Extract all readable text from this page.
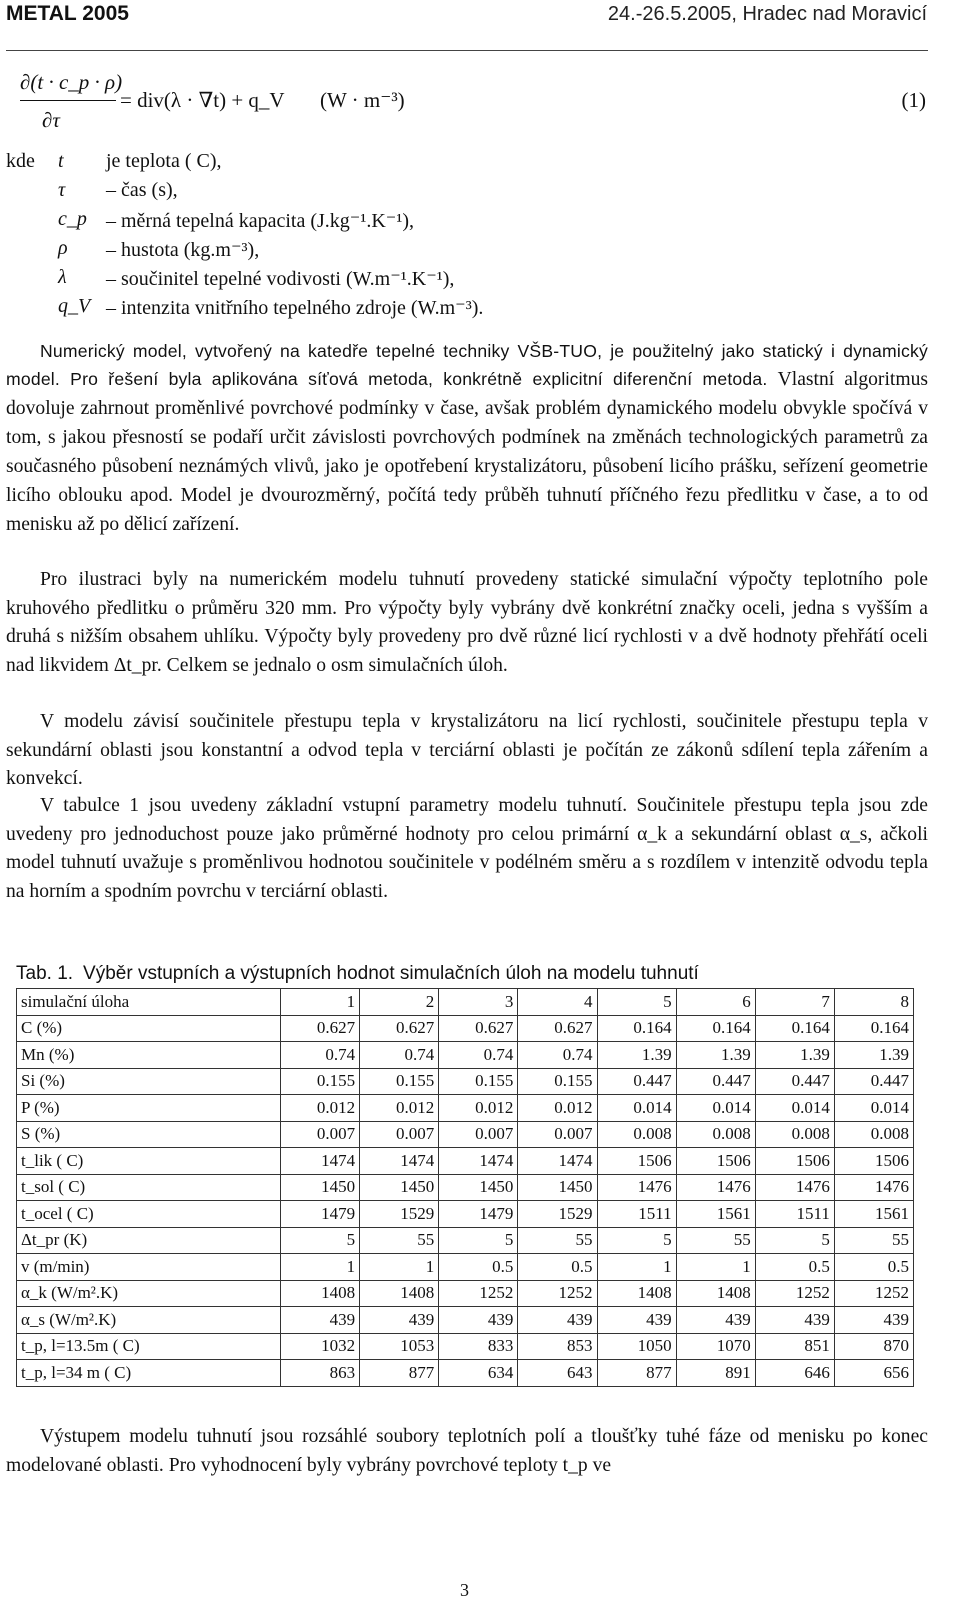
METAL 2005	24.-26.5.2005, Hradec nad Moravicí
∂(t · c_p · ρ)
∂τ
= div(λ · ∇t) + q_V (W · m⁻³)	(1)
kde t	je teplota ( C),
τ	– čas (s),
c_p – měrná tepelná kapacita (J.kg⁻¹.K⁻¹),
ρ	– hustota (kg.m⁻³),
λ	– součinitel tepelné vodivosti (W.m⁻¹.K⁻¹),
q_V – intenzita vnitřního tepelného zdroje (W.m⁻³).
Numerický model, vytvořený na katedře tepelné techniky VŠB-TUO, je použitelný jako statický i dynamický model. Pro řešení byla aplikována síťová metoda, konkrétně explicitní diferenční metoda. Vlastní algoritmus dovoluje zahrnout proměnlivé povrchové podmínky v čase, avšak problém dynamického modelu obvykle spočívá v tom, s jakou přesností se podaří určit závislosti povrchových podmínek na změnách technologických parametrů za současného působení neznámých vlivů, jako je opotřebení krystalizátoru, působení licího prášku, seřízení geometrie licího oblouku apod. Model je dvourozměrný, počítá tedy průběh tuhnutí příčného řezu předlitku v čase, a to od menisku až po dělicí zařízení.
Pro ilustraci byly na numerickém modelu tuhnutí provedeny statické simulační výpočty teplotního pole kruhového předlitku o průměru 320 mm. Pro výpočty byly vybrány dvě konkrétní značky oceli, jedna s vyšším a druhá s nižším obsahem uhlíku. Výpočty byly provedeny pro dvě různé licí rychlosti v a dvě hodnoty přehřátí oceli nad likvidem Δt_pr. Celkem se jednalo o osm simulačních úloh.
V modelu závisí součinitele přestupu tepla v krystalizátoru na licí rychlosti, součinitele přestupu tepla v sekundární oblasti jsou konstantní a odvod tepla v terciární oblasti je počítán ze zákonů sdílení tepla zářením a konvekcí.
V tabulce 1 jsou uvedeny základní vstupní parametry modelu tuhnutí. Součinitele přestupu tepla jsou zde uvedeny pro jednoduchost pouze jako průměrné hodnoty pro celou primární α_k a sekundární oblast α_s, ačkoli model tuhnutí uvažuje s proměnlivou hodnotou součinitele v podélném směru a s rozdílem v intenzitě odvodu tepla na horním a spodním povrchu v terciární oblasti.
Tab. 1. Výběr vstupních a výstupních hodnot simulačních úloh na modelu tuhnutí
simulační úloha	1	2	3	4	5	6	7	8
C (%)	0.627	0.627	0.627	0.627	0.164	0.164	0.164	0.164
Mn (%)	0.74	0.74	0.74	0.74	1.39	1.39	1.39	1.39
Si (%)	0.155	0.155	0.155	0.155	0.447	0.447	0.447	0.447
P (%)	0.012	0.012	0.012	0.012	0.014	0.014	0.014	0.014
S (%)	0.007	0.007	0.007	0.007	0.008	0.008	0.008	0.008
t_lik ( C)	1474	1474	1474	1474	1506	1506	1506	1506
t_sol ( C)	1450	1450	1450	1450	1476	1476	1476	1476
t_ocel ( C)	1479	1529	1479	1529	1511	1561	1511	1561
Δt_pr (K)	5	55	5	55	5	55	5	55
v (m/min)	1	1	0.5	0.5	1	1	0.5	0.5
α_k (W/m².K)	1408	1408	1252	1252	1408	1408	1252	1252
α_s (W/m².K)	439	439	439	439	439	439	439	439
t_p, l=13.5m ( C)	1032	1053	833	853	1050	1070	851	870
t_p, l=34 m ( C)	863	877	634	643	877	891	646	656
Výstupem modelu tuhnutí jsou rozsáhlé soubory teplotních polí a tloušťky tuhé fáze od menisku po konec modelované oblasti. Pro vyhodnocení byly vybrány povrchové teploty t_p ve
3
